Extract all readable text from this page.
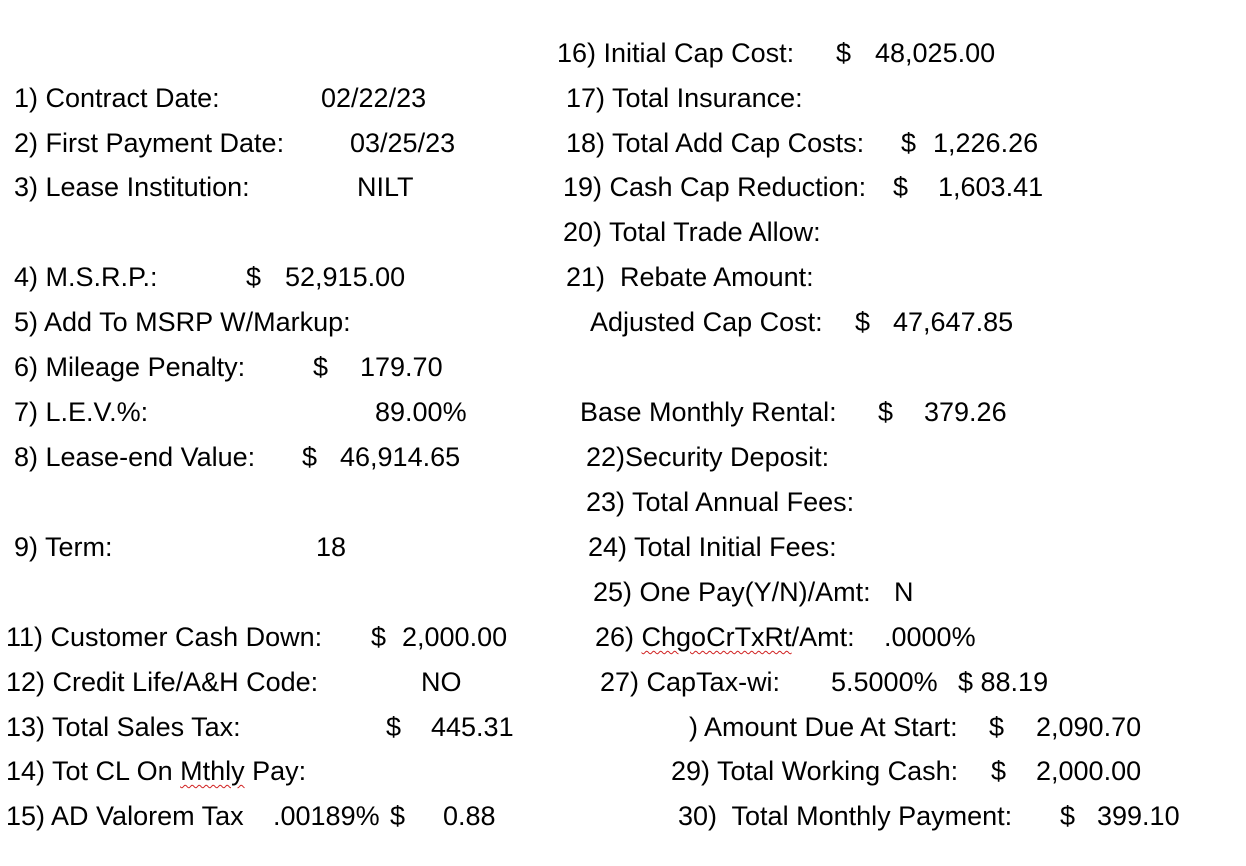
1) Contract Date:	02/22/23
2) First Payment Date: 03/25/23
3) Lease Institution:	NILT
4) M.S.R.P.:	$ 52,915.00
5) Add To MSRP W/Markup:
6) Mileage Penalty:	$ 179.70
7) L.E.V.%:	89.00%
8) Lease-end Value: $ 46,914.65
9) Term:	18
11) Customer Cash Down: $ 2,000.00
12) Credit Life/A&H Code:	NO
13) Total Sales Tax:	$ 445.31
14) Tot CL On Mthly Pay:
15) AD Valorem Tax .00189% $ 0.88
16) Initial Cap Cost: $ 48,025.00
17) Total Insurance:
18) Total Add Cap Costs: $ 1,226.26
19) Cash Cap Reduction: $ 1,603.41
20) Total Trade Allow:
21)  Rebate Amount:
Adjusted Cap Cost: $ 47,647.85
Base Monthly Rental: $ 379.26
22)Security Deposit:
23) Total Annual Fees:
24) Total Initial Fees:
25) One Pay(Y/N)/Amt: N
26) ChgoCrTxRt/Amt: .0000%
27) CapTax-wi: 5.5000% $ 88.19
) Amount Due At Start: $ 2,090.70
29) Total Working Cash: $ 2,000.00
30)  Total Monthly Payment: $ 399.10
